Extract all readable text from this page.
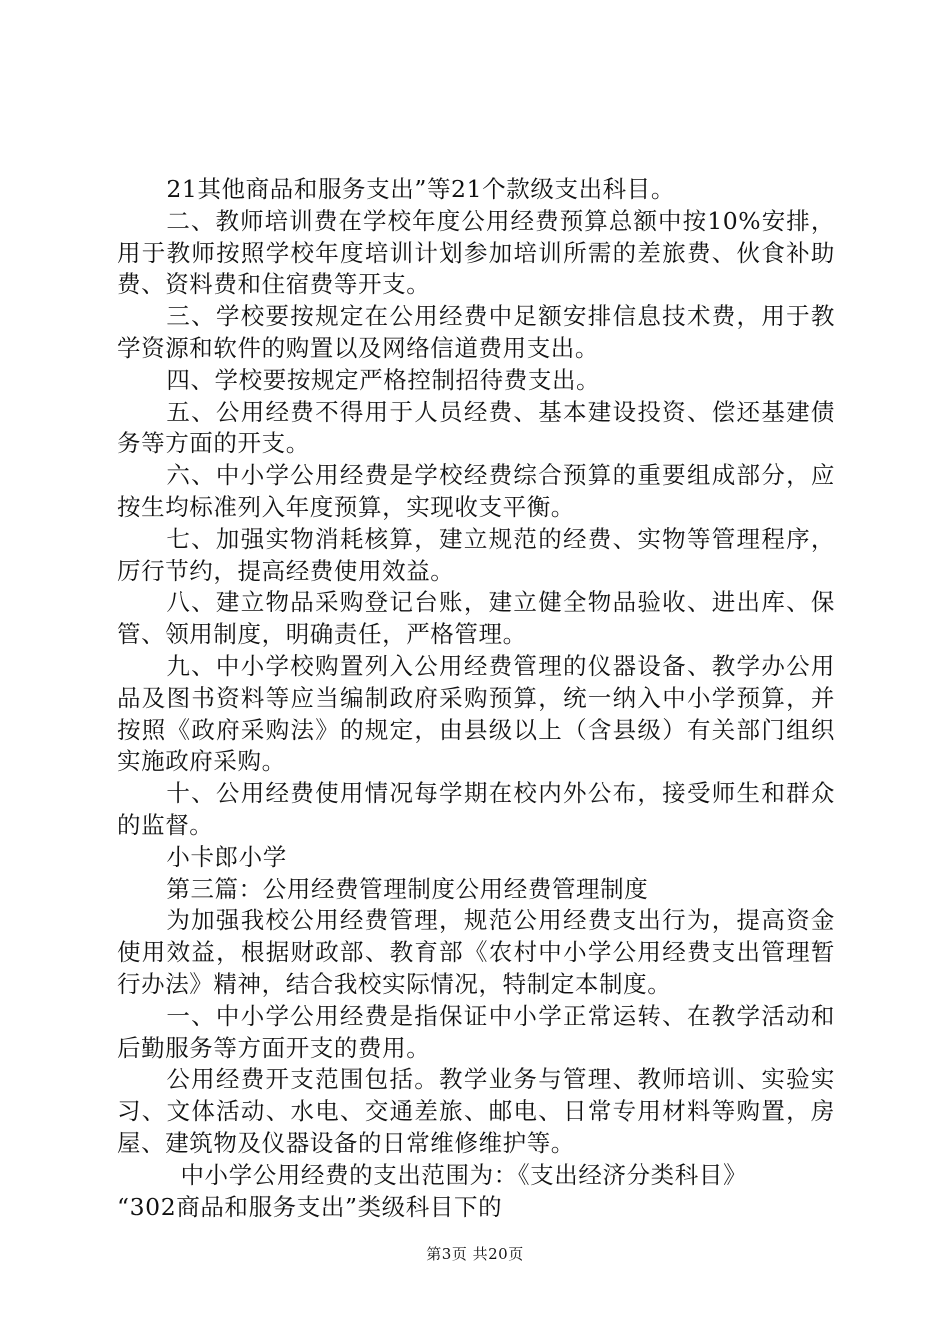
21其他商品和服务支出”等21个款级支出科目。

二、教师培训费在学校年度公用经费预算总额中按10%安排，用于教师按照学校年度培训计划参加培训所需的差旅费、伙食补助费、资料费和住宿费等开支。

三、学校要按规定在公用经费中足额安排信息技术费，用于教学资源和软件的购置以及网络信道费用支出。

四、学校要按规定严格控制招待费支出。

五、公用经费不得用于人员经费、基本建设投资、偿还基建债务等方面的开支。

六、中小学公用经费是学校经费综合预算的重要组成部分，应按生均标准列入年度预算，实现收支平衡。

七、加强实物消耗核算，建立规范的经费、实物等管理程序，厉行节约，提高经费使用效益。

八、建立物品采购登记台账，建立健全物品验收、进出库、保管、领用制度，明确责任，严格管理。

九、中小学校购置列入公用经费管理的仪器设备、教学办公用品及图书资料等应当编制政府采购预算，统一纳入中小学预算，并按照《政府采购法》的规定，由县级以上（含县级）有关部门组织实施政府采购。

十、公用经费使用情况每学期在校内外公布，接受师生和群众的监督。

小卡郎小学

第三篇：公用经费管理制度公用经费管理制度

为加强我校公用经费管理，规范公用经费支出行为，提高资金使用效益，根据财政部、教育部《农村中小学公用经费支出管理暂行办法》精神，结合我校实际情况，特制定本制度。

一、中小学公用经费是指保证中小学正常运转、在教学活动和后勤服务等方面开支的费用。

公用经费开支范围包括。教学业务与管理、教师培训、实验实习、文体活动、水电、交通差旅、邮电、日常专用材料等购置，房屋、建筑物及仪器设备的日常维修维护等。

中小学公用经费的支出范围为：《支出经济分类科目》

“302商品和服务支出”类级科目下的

第3页 共20页
